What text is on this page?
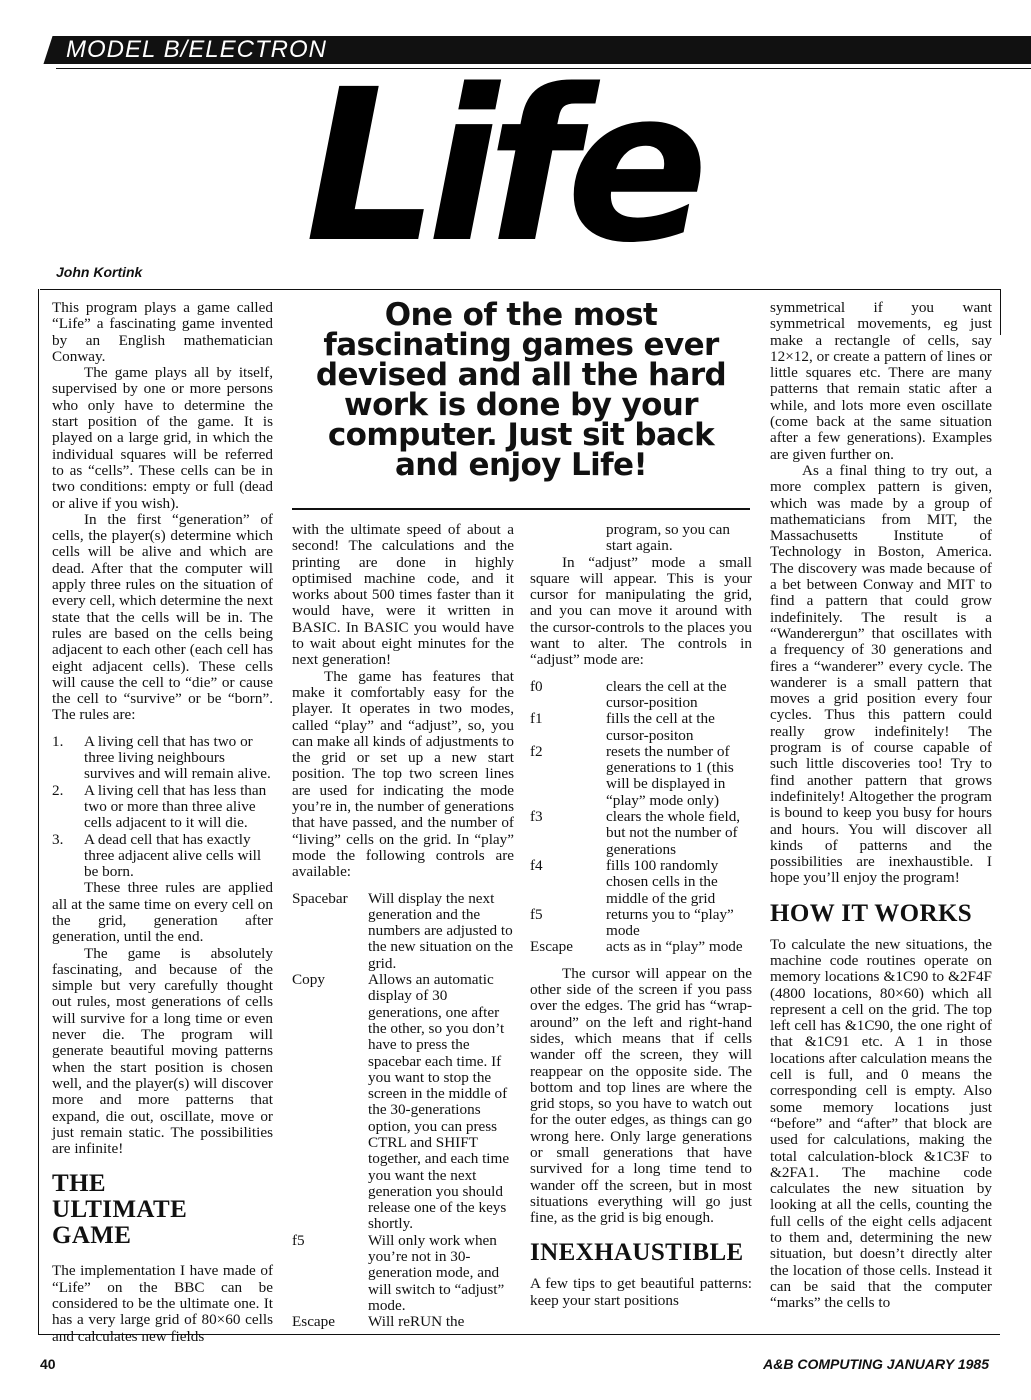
MODEL B/ELECTRON
Life
John Kortink
One of the most fascinating games ever devised and all the hard work is done by your computer. Just sit back and enjoy Life!

This program plays a game called “Life” a fascinating game invented by an English mathematician Conway.

The game plays all by itself, supervised by one or more persons who only have to determine the start position of the game. It is played on a large grid, in which the individual squares will be referred to as “cells”. These cells can be in two conditions: empty or full (dead or alive if you wish).

In the first “generation” of cells, the player(s) determine which cells will be alive and which are dead. After that the computer will apply three rules on the situation of every cell, which determine the next state that the cells will be in. The rules are based on the cells being adjacent to each other (each cell has eight adjacent cells). These cells will cause the cell to “die” or cause the cell to “survive” or be “born”. The rules are:

1. A living cell that has two or three living neighbours survives and will remain alive.
2. A living cell that has less than two or more than three alive cells adjacent to it will die.
3. A dead cell that has exactly three adjacent alive cells will be born.

These three rules are applied all at the same time on every cell on the grid, generation after generation, until the end.

The game is absolutely fascinating, and because of the simple but very carefully thought out rules, most generations of cells will survive for a long time or even never die. The program will generate beautiful moving patterns when the start position is chosen well, and the player(s) will discover more and more patterns that expand, die out, oscillate, move or just remain static. The possibilities are infinite!

THE ULTIMATE GAME

The implementation I have made of “Life” on the BBC can be considered to be the ultimate one. It has a very large grid of 80×60 cells and calculates new fields

with the ultimate speed of about a second! The calculations and the printing are done in highly optimised machine code, and it works about 500 times faster than it would have, were it written in BASIC. In BASIC you would have to wait about eight minutes for the next generation!

The game has features that make it comfortably easy for the player. It operates in two modes, called “play” and “adjust”, so, you can make all kinds of adjustments to the grid or set up a new start position. The top two screen lines are used for indicating the mode you’re in, the number of generations that have passed, and the number of “living” cells on the grid. In “play” mode the following controls are available:

Spacebar	Will display the next generation and the numbers are adjusted to the new situation on the grid.
Copy	Allows an automatic display of 30 generations, one after the other, so you don’t have to press the spacebar each time. If you want to stop the screen in the middle of the 30-generations option, you can press CTRL and SHIFT together, and each time you want the next generation you should release one of the keys shortly.
f5	Will only work when you’re not in 30-generation mode, and will switch to “adjust” mode.
Escape	Will reRUN the

program, so you can start again.

In “adjust” mode a small square will appear. This is your cursor for manipulating the grid, and you can move it around with the cursor-controls to the places you want to alter. The controls in “adjust” mode are:

f0	clears the cell at the cursor-position
f1	fills the cell at the cursor-positon
f2	resets the number of generations to 1 (this will be displayed in “play” mode only)
f3	clears the whole field, but not the number of generations
f4	fills 100 randomly chosen cells in the middle of the grid
f5	returns you to “play” mode
Escape	acts as in “play” mode

The cursor will appear on the other side of the screen if you pass over the edges. The grid has “wrap-around” on the left and right-hand sides, which means that if cells wander off the screen, they will reappear on the opposite side. The bottom and top lines are where the grid stops, so you have to watch out for the outer edges, as things can go wrong here. Only large generations or small generations that have survived for a long time tend to wander off the screen, but in most situations everything will go just fine, as the grid is big enough.

INEXHAUSTIBLE

A few tips to get beautiful patterns: keep your start positions

symmetrical if you want symmetrical movements, eg just make a rectangle of cells, say 12×12, or create a pattern of lines or little squares etc. There are many patterns that remain static after a while, and lots more even oscillate (come back at the same situation after a few generations). Examples are given further on.

As a final thing to try out, a more complex pattern is given, which was made by a group of mathematicians from MIT, the Massachusetts Institute of Technology in Boston, America. The discovery was made because of a bet between Conway and MIT to find a pattern that could grow indefinitely. The result is a “Wanderergun” that oscillates with a frequency of 30 generations and fires a “wanderer” every cycle. The wanderer is a small pattern that moves a grid position every four cycles. Thus this pattern could really grow indefinitely! The program is of course capable of such little discoveries too! Try to find another pattern that grows indefinitely! Altogether the program is bound to keep you busy for hours and hours. You will discover all kinds of patterns and the possibilities are inexhaustible. I hope you’ll enjoy the program!

HOW IT WORKS

To calculate the new situations, the machine code routines operate on memory locations &1C90 to &2F4F (4800 locations, 80×60) which all represent a cell on the grid. The top left cell has &1C90, the one right of that &1C91 etc. A 1 in those locations after calculation means the cell is full, and 0 means the corresponding cell is empty. Also some memory locations just “before” and “after” that block are used for calculations, making the total calculation-block &1C3F to &2FA1. The machine code calculates the new situation by looking at all the cells, counting the full cells of the eight cells adjacent to them and, determining the new situation, but doesn’t directly alter the location of those cells. Instead it can be said that the computer “marks” the cells to

40	A&B COMPUTING JANUARY 1985
